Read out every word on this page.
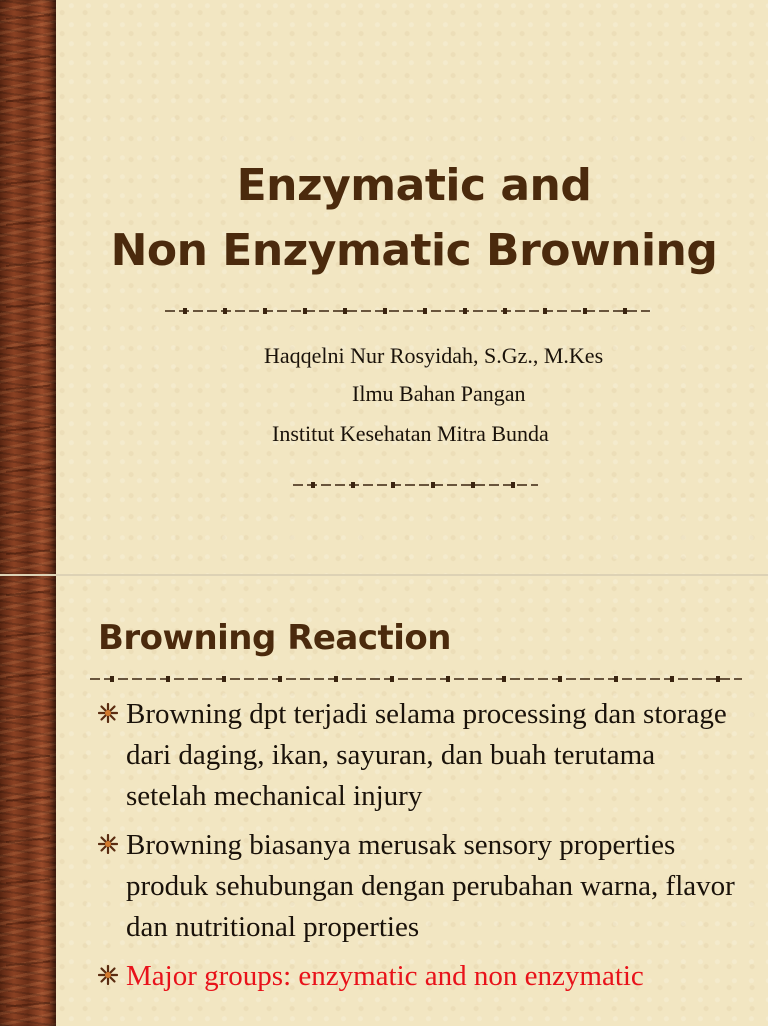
Enzymatic and
Non Enzymatic Browning
Haqqelni Nur Rosyidah, S.Gz., M.Kes
Ilmu Bahan Pangan
Institut Kesehatan Mitra Bunda
Browning Reaction
Browning dpt terjadi selama processing dan storage dari daging, ikan, sayuran, dan buah terutama setelah mechanical injury
Browning biasanya merusak sensory properties produk sehubungan dengan perubahan warna, flavor dan nutritional properties
Major groups: enzymatic and non enzymatic
